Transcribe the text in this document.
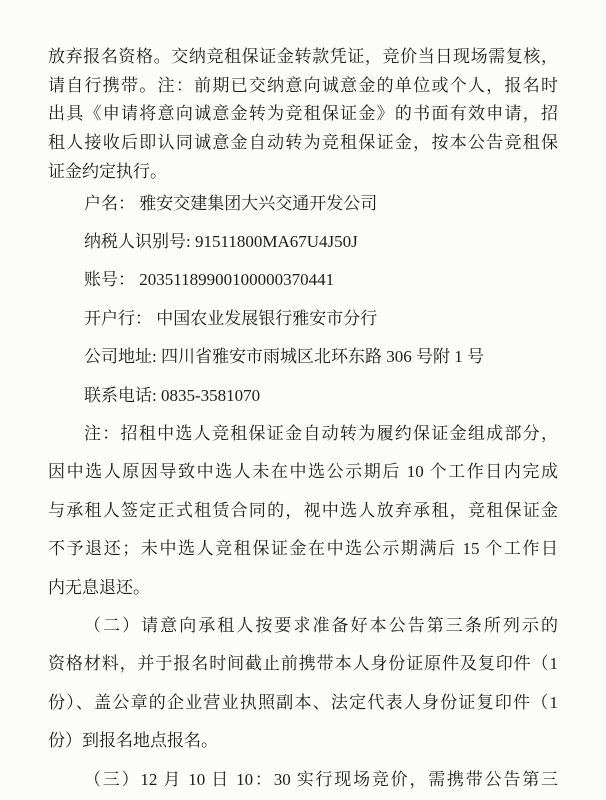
放弃报名资格。交纳竞租保证金转款凭证，竞价当日现场需复核，
请自行携带。注：前期已交纳意向诚意金的单位或个人，报名时
出具《申请将意向诚意金转为竞租保证金》的书面有效申请，招
租人接收后即认同诚意金自动转为竞租保证金，按本公告竞租保
证金约定执行。
户名： 雅安交建集团大兴交通开发公司
纳税人识别号: 91511800MA67U4J50J
账号： 20351189900100000370441
开户行： 中国农业发展银行雅安市分行
公司地址: 四川省雅安市雨城区北环东路 306 号附 1 号
联系电话: 0835-3581070
注：招租中选人竞租保证金自动转为履约保证金组成部分，
因中选人原因导致中选人未在中选公示期后 10 个工作日内完成
与承租人签定正式租赁合同的，视中选人放弃承租，竞租保证金
不予退还；未中选人竞租保证金在中选公示期满后 15 个工作日
内无息退还。
（二）请意向承租人按要求准备好本公告第三条所列示的
资格材料，并于报名时间截止前携带本人身份证原件及复印件（1
份）、盖公章的企业营业执照副本、法定代表人身份证复印件（1
份）到报名地点报名。
（三）12 月 10 日 10：30 实行现场竞价，需携带公告第三
